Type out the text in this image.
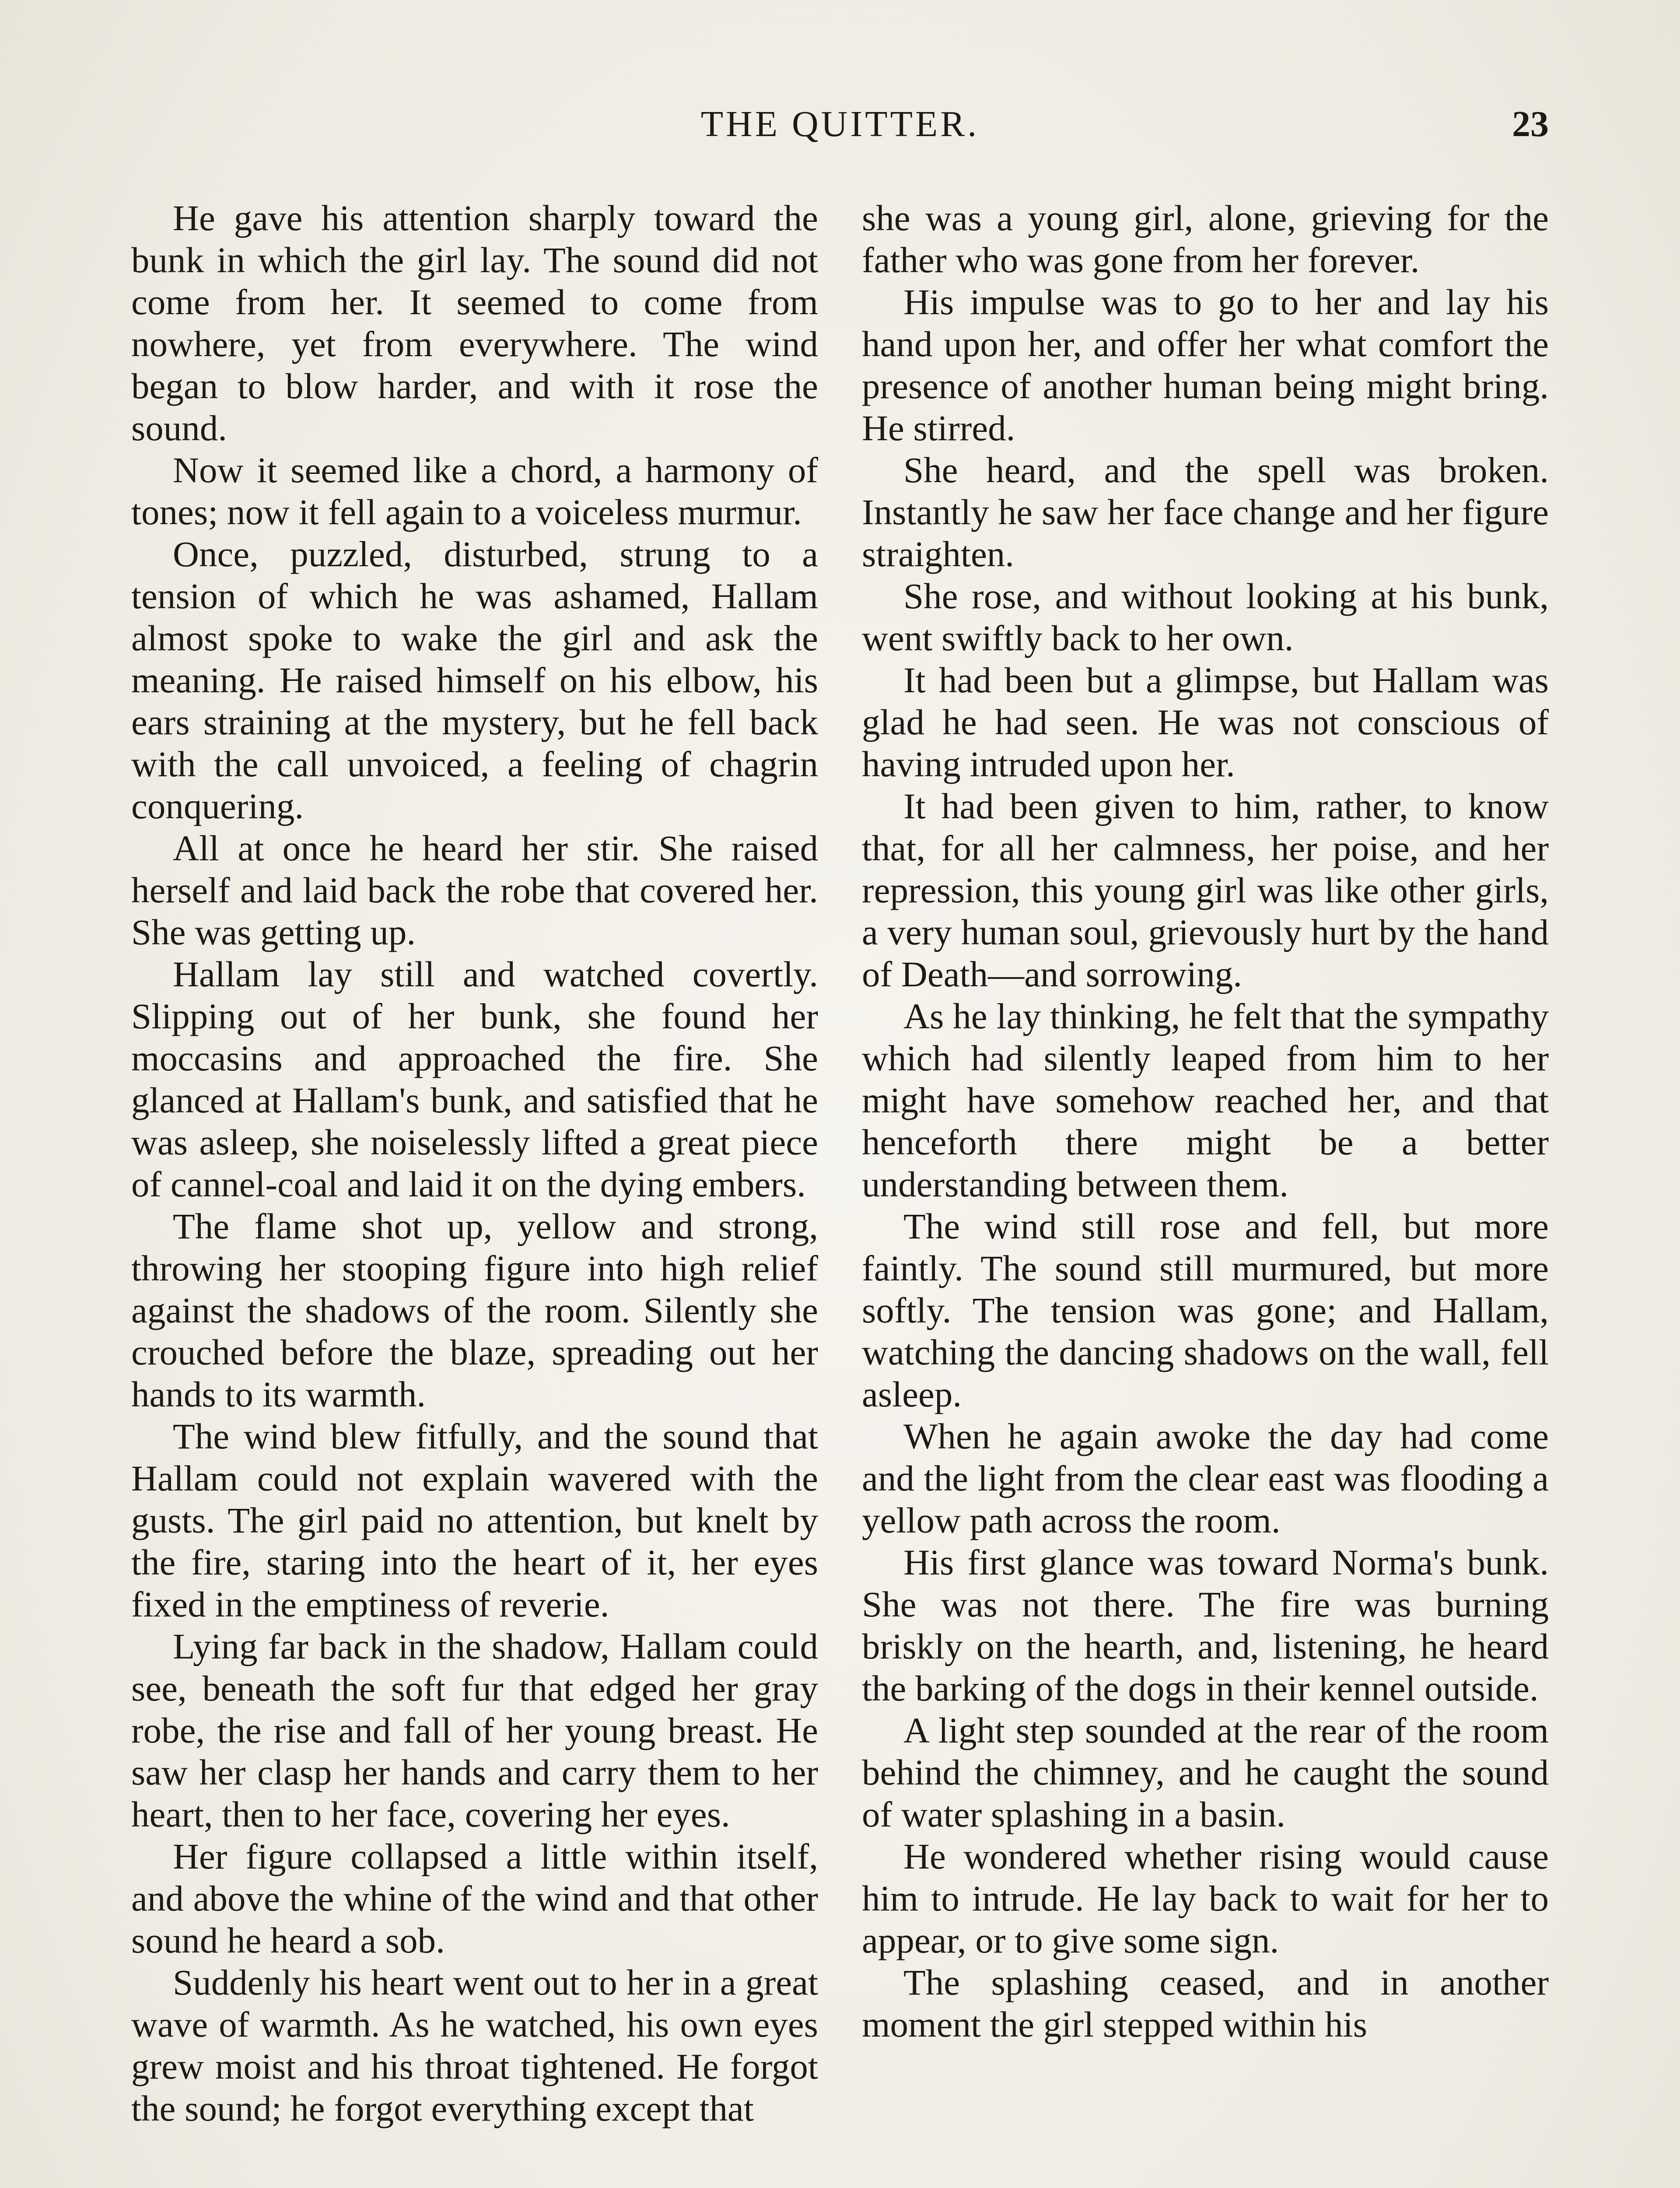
THE QUITTER.	23

He gave his attention sharply toward the bunk in which the girl lay. The sound did not come from her. It seemed to come from nowhere, yet from everywhere. The wind began to blow harder, and with it rose the sound.

Now it seemed like a chord, a harmony of tones; now it fell again to a voiceless murmur.

Once, puzzled, disturbed, strung to a tension of which he was ashamed, Hallam almost spoke to wake the girl and ask the meaning. He raised himself on his elbow, his ears straining at the mystery, but he fell back with the call unvoiced, a feeling of chagrin conquering.

All at once he heard her stir. She raised herself and laid back the robe that covered her. She was getting up.

Hallam lay still and watched covertly. Slipping out of her bunk, she found her moccasins and approached the fire. She glanced at Hallam's bunk, and satisfied that he was asleep, she noiselessly lifted a great piece of cannel-coal and laid it on the dying embers.

The flame shot up, yellow and strong, throwing her stooping figure into high relief against the shadows of the room. Silently she crouched before the blaze, spreading out her hands to its warmth.

The wind blew fitfully, and the sound that Hallam could not explain wavered with the gusts. The girl paid no attention, but knelt by the fire, staring into the heart of it, her eyes fixed in the emptiness of reverie.

Lying far back in the shadow, Hallam could see, beneath the soft fur that edged her gray robe, the rise and fall of her young breast. He saw her clasp her hands and carry them to her heart, then to her face, covering her eyes.

Her figure collapsed a little within itself, and above the whine of the wind and that other sound he heard a sob.

Suddenly his heart went out to her in a great wave of warmth. As he watched, his own eyes grew moist and his throat tightened. He forgot the sound; he forgot everything except that

she was a young girl, alone, grieving for the father who was gone from her forever.

His impulse was to go to her and lay his hand upon her, and offer her what comfort the presence of another human being might bring. He stirred.

She heard, and the spell was broken. Instantly he saw her face change and her figure straighten.

She rose, and without looking at his bunk, went swiftly back to her own.

It had been but a glimpse, but Hallam was glad he had seen. He was not conscious of having intruded upon her.

It had been given to him, rather, to know that, for all her calmness, her poise, and her repression, this young girl was like other girls, a very human soul, grievously hurt by the hand of Death—and sorrowing.

As he lay thinking, he felt that the sympathy which had silently leaped from him to her might have somehow reached her, and that henceforth there might be a better understanding between them.

The wind still rose and fell, but more faintly. The sound still murmured, but more softly. The tension was gone; and Hallam, watching the dancing shadows on the wall, fell asleep.

When he again awoke the day had come and the light from the clear east was flooding a yellow path across the room.

His first glance was toward Norma's bunk. She was not there. The fire was burning briskly on the hearth, and, listening, he heard the barking of the dogs in their kennel outside.

A light step sounded at the rear of the room behind the chimney, and he caught the sound of water splashing in a basin.

He wondered whether rising would cause him to intrude. He lay back to wait for her to appear, or to give some sign.

The splashing ceased, and in another moment the girl stepped within his
